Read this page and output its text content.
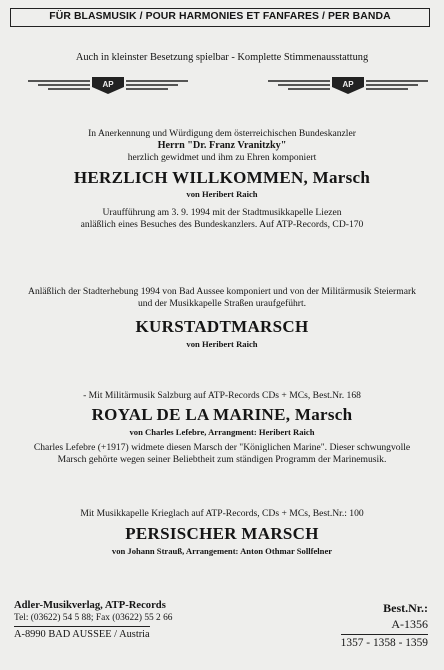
FÜR BLASMUSIK / POUR HARMONIES ET FANFARES / PER BANDA
Auch in kleinster Besetzung spielbar - Komplette Stimmenausstattung
AP	AP
In Anerkennung und Würdigung dem österreichischen Bundeskanzler
Herrn "Dr. Franz Vranitzky"
herzlich gewidmet und ihm zu Ehren komponiert
HERZLICH WILLKOMMEN, Marsch
von Heribert Raich
Uraufführung am 3. 9. 1994 mit der Stadtmusikkapelle Liezen
anläßlich eines Besuches des Bundeskanzlers. Auf ATP-Records, CD-170
Anläßlich der Stadterhebung 1994 von Bad Aussee komponiert und von der Militärmusik Steiermark
und der Musikkapelle Straßen uraufgeführt.
KURSTADTMARSCH
von Heribert Raich
- Mit Militärmusik Salzburg auf ATP-Records CDs + MCs, Best.Nr. 168
ROYAL DE LA MARINE, Marsch
von Charles Lefebre, Arrangment: Heribert Raich
Charles Lefebre (+1917) widmete diesen Marsch der "Königlichen Marine". Dieser schwungvolle
Marsch gehörte wegen seiner Beliebtheit zum ständigen Programm der Marinemusik.
Mit Musikkapelle Krieglach auf ATP-Records, CDs + MCs, Best.Nr.: 100
PERSISCHER MARSCH
von Johann Strauß, Arrangement: Anton Othmar Sollfelner
Adler-Musikverlag, ATP-Records
Tel: (03622) 54 5 88; Fax (03622) 55 2 66
A-8990 BAD AUSSEE / Austria
Best.Nr.:
A-1356
1357 - 1358 - 1359
